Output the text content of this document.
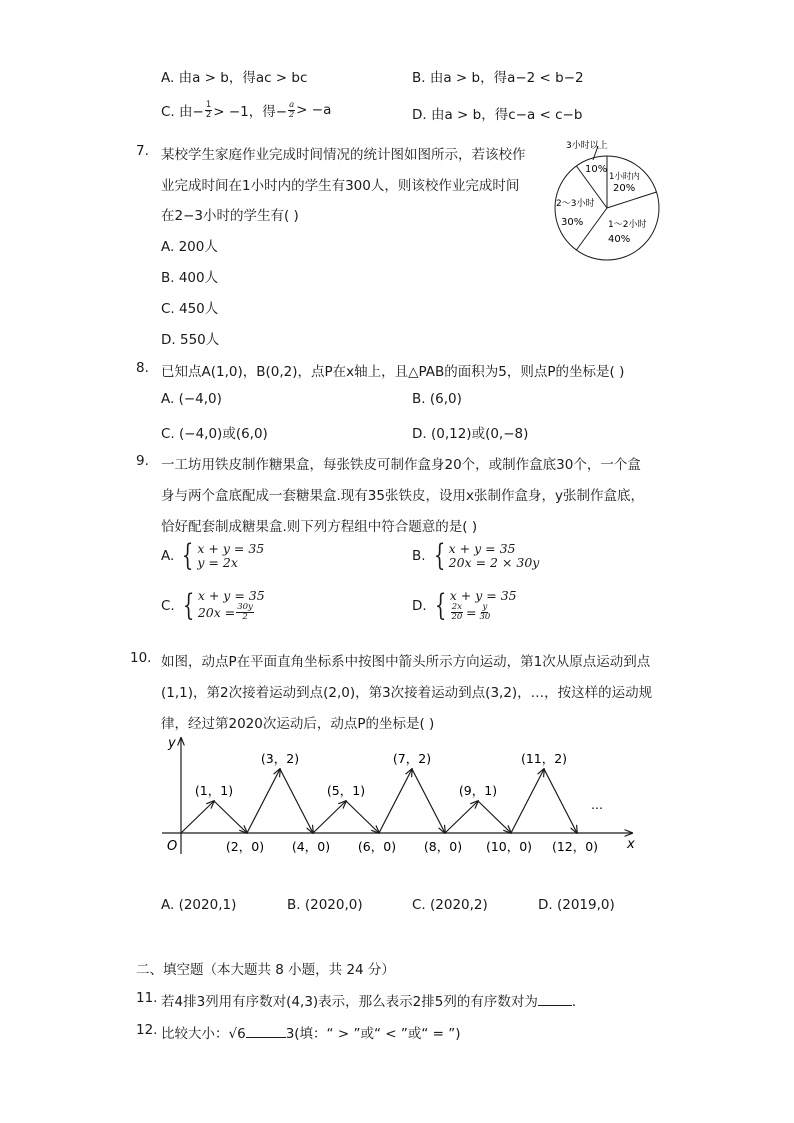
A. 由a > b，得ac > bc	B. 由a > b，得a−2 < b−2
C. 由− $\frac{1}{2} > -1$，得− $\frac{a}{2} > -a$	D. 由a > b，得c−a < c−b
7. 某校学生家庭作业完成时间情况的统计图如图所示，若该校作
业完成时间在1小时内的学生有300人，则该校作业完成时间
在2−3小时的学生有( )
A. 200人
B. 400人
C. 450人
D. 550人
3小时以上
10%
1小时内
20%
2～3小时
30%	1～2小时
40%
8. 已知点A(1,0)，B(0,2)，点P在x轴上，且△PAB的面积为5，则点P的坐标是( )
A. (−4,0)	B. (6,0)
C. (−4,0)或(6,0)	D. (0,12)或(0,−8)
9. 一工坊用铁皮制作糖果盒，每张铁皮可制作盒身20个，或制作盒底30个，一个盒
身与两个盒底配成一套糖果盒.现有35张铁皮，设用x张制作盒身，y张制作盒底，
恰好配套制成糖果盒.则下列方程组中符合题意的是( )
A. { x + y = 35
y = 2x	B. { x + y = 35
20x = 2 × 30y
C. { x + y = 35
$20x = \frac{30y}{2}$	D. { x + y = 35
$\frac{2x}{20} = \frac{y}{30}$
10. 如图，动点P在平面直角坐标系中按图中箭头所示方向运动，第1次从原点运动到点
(1,1)，第2次接着运动到点(2,0)，第3次接着运动到点(3,2)，…，按这样的运动规
律，经过第2020次运动后，动点P的坐标是( )
y
x
O
…
(1，1)
(2，0)
(3，2)
(4，0)
(5，1)
(6，0)
(7，2)
(8，0)
(9，1)
(10，0)
(11，2)
(12，0)
A. (2020,1)	B. (2020,0)	C. (2020,2)	D. (2019,0)
二、填空题（本大题共 8 小题，共 24 分）
11. 若4排3列用有序数对(4,3)表示，那么表示2排5列的有序数对为	.
12. 比较大小：√6	3(填：“ > ”或“ < ”或“ = ”)
